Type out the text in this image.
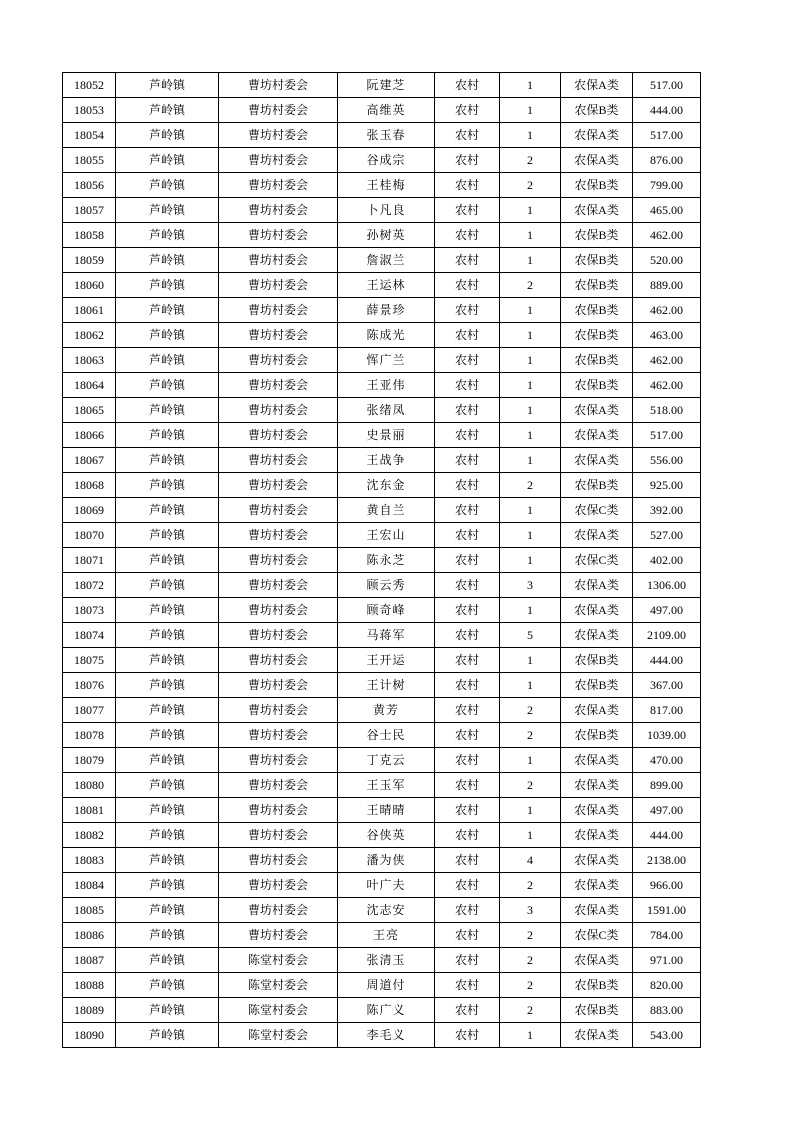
18052	芦岭镇	曹坊村委会	阮建芝	农村	1	农保A类	517.00
18053	芦岭镇	曹坊村委会	高维英	农村	1	农保B类	444.00
18054	芦岭镇	曹坊村委会	张玉春	农村	1	农保A类	517.00
18055	芦岭镇	曹坊村委会	谷成宗	农村	2	农保A类	876.00
18056	芦岭镇	曹坊村委会	王桂梅	农村	2	农保B类	799.00
18057	芦岭镇	曹坊村委会	卜凡良	农村	1	农保A类	465.00
18058	芦岭镇	曹坊村委会	孙树英	农村	1	农保B类	462.00
18059	芦岭镇	曹坊村委会	詹淑兰	农村	1	农保B类	520.00
18060	芦岭镇	曹坊村委会	王运林	农村	2	农保B类	889.00
18061	芦岭镇	曹坊村委会	薛景珍	农村	1	农保B类	462.00
18062	芦岭镇	曹坊村委会	陈成光	农村	1	农保B类	463.00
18063	芦岭镇	曹坊村委会	恽广兰	农村	1	农保B类	462.00
18064	芦岭镇	曹坊村委会	王亚伟	农村	1	农保B类	462.00
18065	芦岭镇	曹坊村委会	张绪凤	农村	1	农保A类	518.00
18066	芦岭镇	曹坊村委会	史景丽	农村	1	农保A类	517.00
18067	芦岭镇	曹坊村委会	王战争	农村	1	农保A类	556.00
18068	芦岭镇	曹坊村委会	沈东金	农村	2	农保B类	925.00
18069	芦岭镇	曹坊村委会	黄自兰	农村	1	农保C类	392.00
18070	芦岭镇	曹坊村委会	王宏山	农村	1	农保A类	527.00
18071	芦岭镇	曹坊村委会	陈永芝	农村	1	农保C类	402.00
18072	芦岭镇	曹坊村委会	顾云秀	农村	3	农保A类	1306.00
18073	芦岭镇	曹坊村委会	顾奇峰	农村	1	农保A类	497.00
18074	芦岭镇	曹坊村委会	马蒋军	农村	5	农保A类	2109.00
18075	芦岭镇	曹坊村委会	王开运	农村	1	农保B类	444.00
18076	芦岭镇	曹坊村委会	王计树	农村	1	农保B类	367.00
18077	芦岭镇	曹坊村委会	黄芳	农村	2	农保A类	817.00
18078	芦岭镇	曹坊村委会	谷士民	农村	2	农保B类	1039.00
18079	芦岭镇	曹坊村委会	丁克云	农村	1	农保A类	470.00
18080	芦岭镇	曹坊村委会	王玉军	农村	2	农保A类	899.00
18081	芦岭镇	曹坊村委会	王晴晴	农村	1	农保A类	497.00
18082	芦岭镇	曹坊村委会	谷侠英	农村	1	农保A类	444.00
18083	芦岭镇	曹坊村委会	潘为侠	农村	4	农保A类	2138.00
18084	芦岭镇	曹坊村委会	叶广夫	农村	2	农保A类	966.00
18085	芦岭镇	曹坊村委会	沈志安	农村	3	农保A类	1591.00
18086	芦岭镇	曹坊村委会	王亮	农村	2	农保C类	784.00
18087	芦岭镇	陈堂村委会	张清玉	农村	2	农保A类	971.00
18088	芦岭镇	陈堂村委会	周道付	农村	2	农保B类	820.00
18089	芦岭镇	陈堂村委会	陈广义	农村	2	农保B类	883.00
18090	芦岭镇	陈堂村委会	李毛义	农村	1	农保A类	543.00
